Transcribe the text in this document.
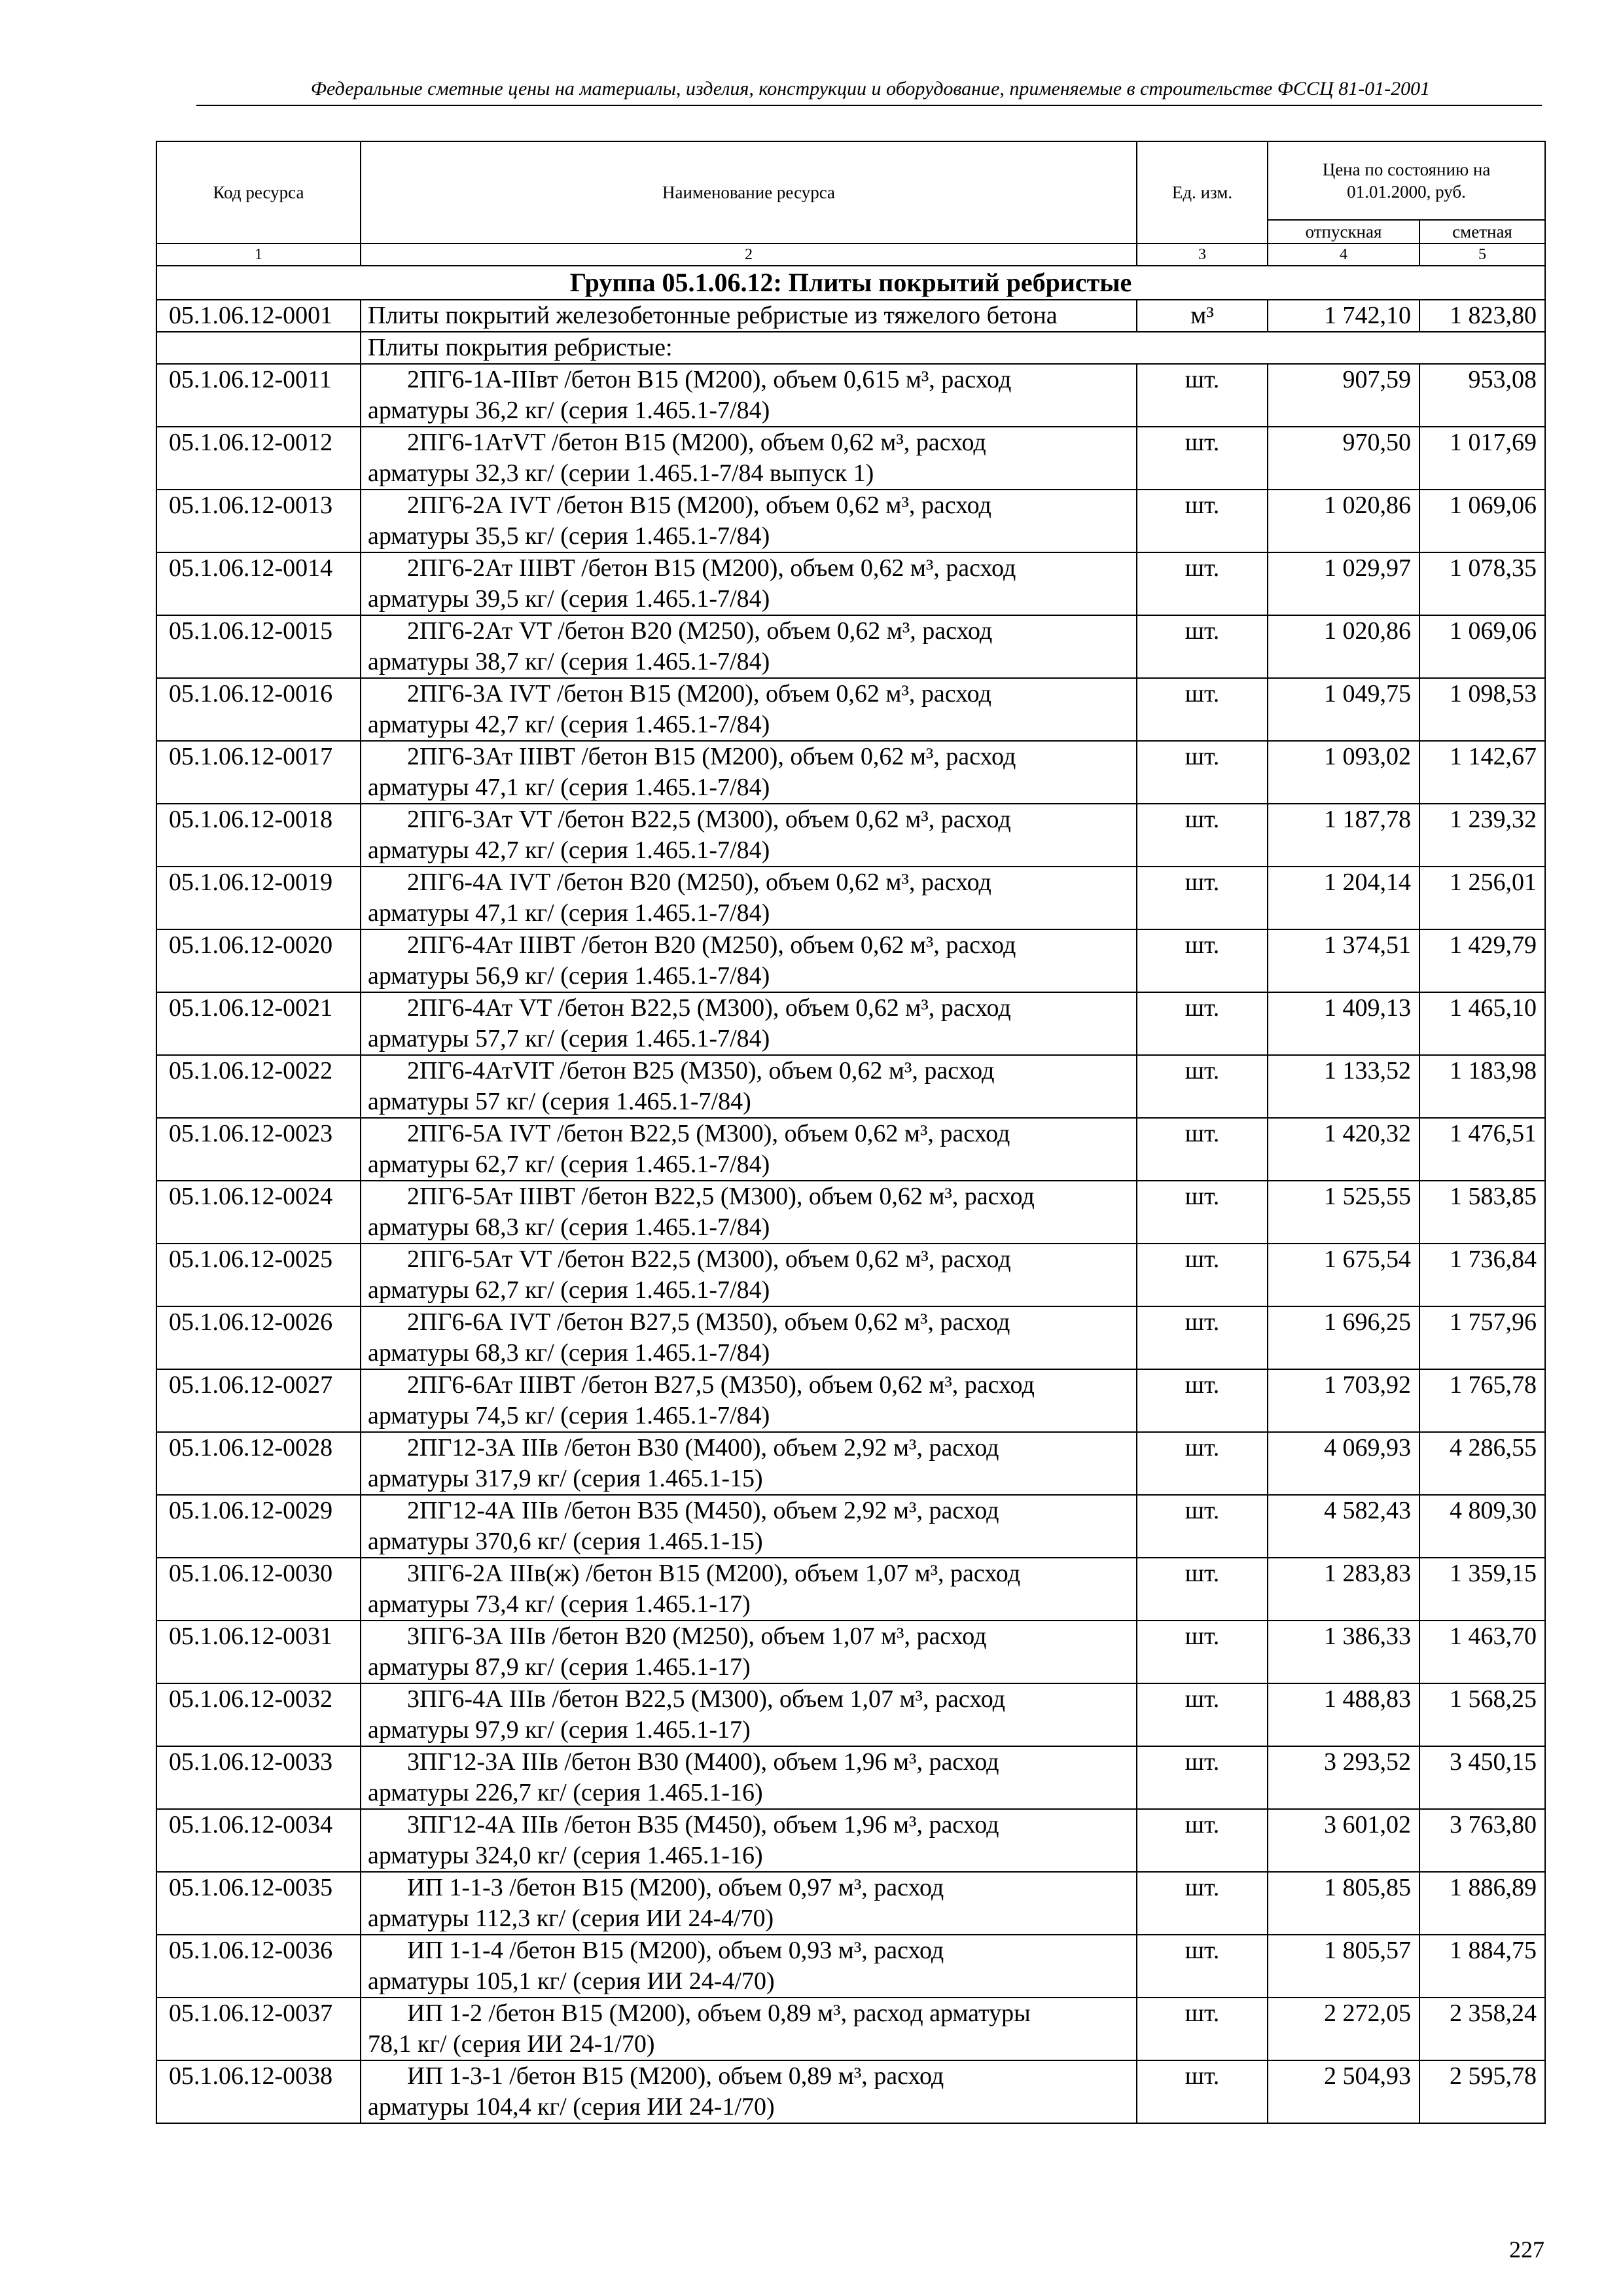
Федеральные сметные цены на материалы, изделия, конструкции и оборудование, применяемые в строительстве ФССЦ 81-01-2001
Код ресурса	Наименование ресурса	Ед. изм.	Цена по состоянию на 01.01.2000, руб.	
			отпускная	сметная
1	2	3	4	5
Группа 05.1.06.12: Плиты покрытий ребристые				
05.1.06.12-0001	Плиты покрытий железобетонные ребристые из тяжелого бетона	м³	1 742,10	1 823,80
	Плиты покрытия ребристые:			
05.1.06.12-0011	2ПГ6-1А-IIIвт /бетон В15 (М200), объем 0,615 м³, расход
арматуры 36,2 кг/ (серия 1.465.1-7/84)	шт.	907,59	953,08
05.1.06.12-0012	2ПГ6-1АтVT /бетон В15 (М200), объем 0,62 м³, расход
арматуры 32,3 кг/ (серии 1.465.1-7/84 выпуск 1)	шт.	970,50	1 017,69
05.1.06.12-0013	2ПГ6-2А IVТ /бетон В15 (М200), объем 0,62 м³, расход
арматуры 35,5 кг/ (серия 1.465.1-7/84)	шт.	1 020,86	1 069,06
05.1.06.12-0014	2ПГ6-2Ат IIIВТ /бетон В15 (М200), объем 0,62 м³, расход
арматуры 39,5 кг/ (серия 1.465.1-7/84)	шт.	1 029,97	1 078,35
05.1.06.12-0015	2ПГ6-2Ат VT /бетон В20 (М250), объем 0,62 м³, расход
арматуры 38,7 кг/ (серия 1.465.1-7/84)	шт.	1 020,86	1 069,06
05.1.06.12-0016	2ПГ6-3А IVТ /бетон В15 (М200), объем 0,62 м³, расход
арматуры 42,7 кг/ (серия 1.465.1-7/84)	шт.	1 049,75	1 098,53
05.1.06.12-0017	2ПГ6-3Ат IIIВТ /бетон В15 (М200), объем 0,62 м³, расход
арматуры 47,1 кг/ (серия 1.465.1-7/84)	шт.	1 093,02	1 142,67
05.1.06.12-0018	2ПГ6-3Ат VT /бетон В22,5 (М300), объем 0,62 м³, расход
арматуры 42,7 кг/ (серия 1.465.1-7/84)	шт.	1 187,78	1 239,32
05.1.06.12-0019	2ПГ6-4А IVТ /бетон В20 (М250), объем 0,62 м³, расход
арматуры 47,1 кг/ (серия 1.465.1-7/84)	шт.	1 204,14	1 256,01
05.1.06.12-0020	2ПГ6-4Ат IIIВТ /бетон В20 (М250), объем 0,62 м³, расход
арматуры 56,9 кг/ (серия 1.465.1-7/84)	шт.	1 374,51	1 429,79
05.1.06.12-0021	2ПГ6-4Ат VT /бетон В22,5 (М300), объем 0,62 м³, расход
арматуры 57,7 кг/ (серия 1.465.1-7/84)	шт.	1 409,13	1 465,10
05.1.06.12-0022	2ПГ6-4АтVIT /бетон В25 (М350), объем 0,62 м³, расход
арматуры 57 кг/ (серия 1.465.1-7/84)	шт.	1 133,52	1 183,98
05.1.06.12-0023	2ПГ6-5А IVТ /бетон В22,5 (М300), объем 0,62 м³, расход
арматуры 62,7 кг/ (серия 1.465.1-7/84)	шт.	1 420,32	1 476,51
05.1.06.12-0024	2ПГ6-5Ат IIIВТ /бетон В22,5 (М300), объем 0,62 м³, расход
арматуры 68,3 кг/ (серия 1.465.1-7/84)	шт.	1 525,55	1 583,85
05.1.06.12-0025	2ПГ6-5Ат VT /бетон В22,5 (М300), объем 0,62 м³, расход
арматуры 62,7 кг/ (серия 1.465.1-7/84)	шт.	1 675,54	1 736,84
05.1.06.12-0026	2ПГ6-6А IVТ /бетон В27,5 (М350), объем 0,62 м³, расход
арматуры 68,3 кг/ (серия 1.465.1-7/84)	шт.	1 696,25	1 757,96
05.1.06.12-0027	2ПГ6-6Ат IIIВТ /бетон В27,5 (М350), объем 0,62 м³, расход
арматуры 74,5 кг/ (серия 1.465.1-7/84)	шт.	1 703,92	1 765,78
05.1.06.12-0028	2ПГ12-3А IIIв /бетон В30 (М400), объем 2,92 м³, расход
арматуры 317,9 кг/ (серия 1.465.1-15)	шт.	4 069,93	4 286,55
05.1.06.12-0029	2ПГ12-4А IIIв /бетон В35 (М450), объем 2,92 м³, расход
арматуры 370,6 кг/ (серия 1.465.1-15)	шт.	4 582,43	4 809,30
05.1.06.12-0030	3ПГ6-2А IIIв(ж) /бетон В15 (М200), объем 1,07 м³, расход
арматуры 73,4 кг/ (серия 1.465.1-17)	шт.	1 283,83	1 359,15
05.1.06.12-0031	3ПГ6-3А IIIв /бетон В20 (М250), объем 1,07 м³, расход
арматуры 87,9 кг/ (серия 1.465.1-17)	шт.	1 386,33	1 463,70
05.1.06.12-0032	3ПГ6-4А IIIв /бетон В22,5 (М300), объем 1,07 м³, расход
арматуры 97,9 кг/ (серия 1.465.1-17)	шт.	1 488,83	1 568,25
05.1.06.12-0033	3ПГ12-3А IIIв /бетон В30 (М400), объем 1,96 м³, расход
арматуры 226,7 кг/ (серия 1.465.1-16)	шт.	3 293,52	3 450,15
05.1.06.12-0034	3ПГ12-4А IIIв /бетон В35 (М450), объем 1,96 м³, расход
арматуры 324,0 кг/ (серия 1.465.1-16)	шт.	3 601,02	3 763,80
05.1.06.12-0035	ИП 1-1-3 /бетон В15 (М200), объем 0,97 м³, расход
арматуры 112,3 кг/ (серия ИИ 24-4/70)	шт.	1 805,85	1 886,89
05.1.06.12-0036	ИП 1-1-4 /бетон В15 (М200), объем 0,93 м³, расход
арматуры 105,1 кг/ (серия ИИ 24-4/70)	шт.	1 805,57	1 884,75
05.1.06.12-0037	ИП 1-2 /бетон В15 (М200), объем 0,89 м³, расход арматуры
78,1 кг/ (серия ИИ 24-1/70)	шт.	2 272,05	2 358,24
05.1.06.12-0038	ИП 1-3-1 /бетон В15 (М200), объем 0,89 м³, расход
арматуры 104,4 кг/ (серия ИИ 24-1/70)	шт.	2 504,93	2 595,78
227
